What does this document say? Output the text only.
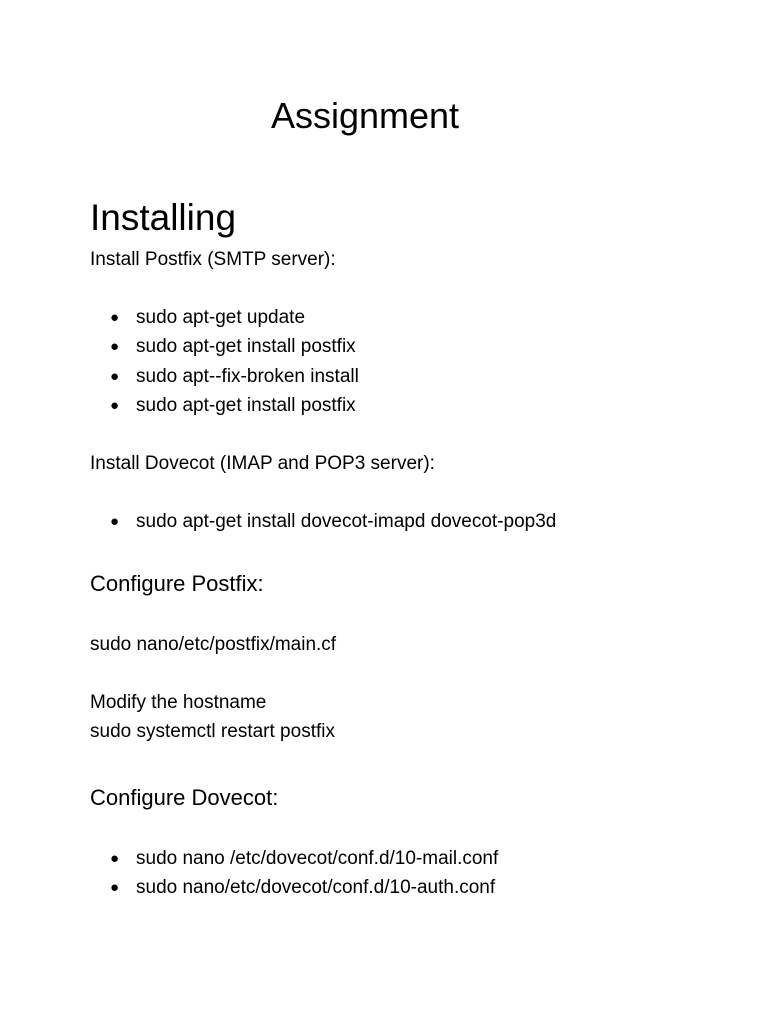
Assignment
Installing
Install Postfix (SMTP server):
● sudo apt-get update
● sudo apt-get install postfix
● sudo apt--fix-broken install
● sudo apt-get install postfix
Install Dovecot (IMAP and POP3 server):
● sudo apt-get install dovecot-imapd dovecot-pop3d
Configure Postfix:
sudo nano/etc/postfix/main.cf
Modify the hostname
sudo systemctl restart postfix
Configure Dovecot:
● sudo nano /etc/dovecot/conf.d/10-mail.conf
● sudo nano/etc/dovecot/conf.d/10-auth.conf
